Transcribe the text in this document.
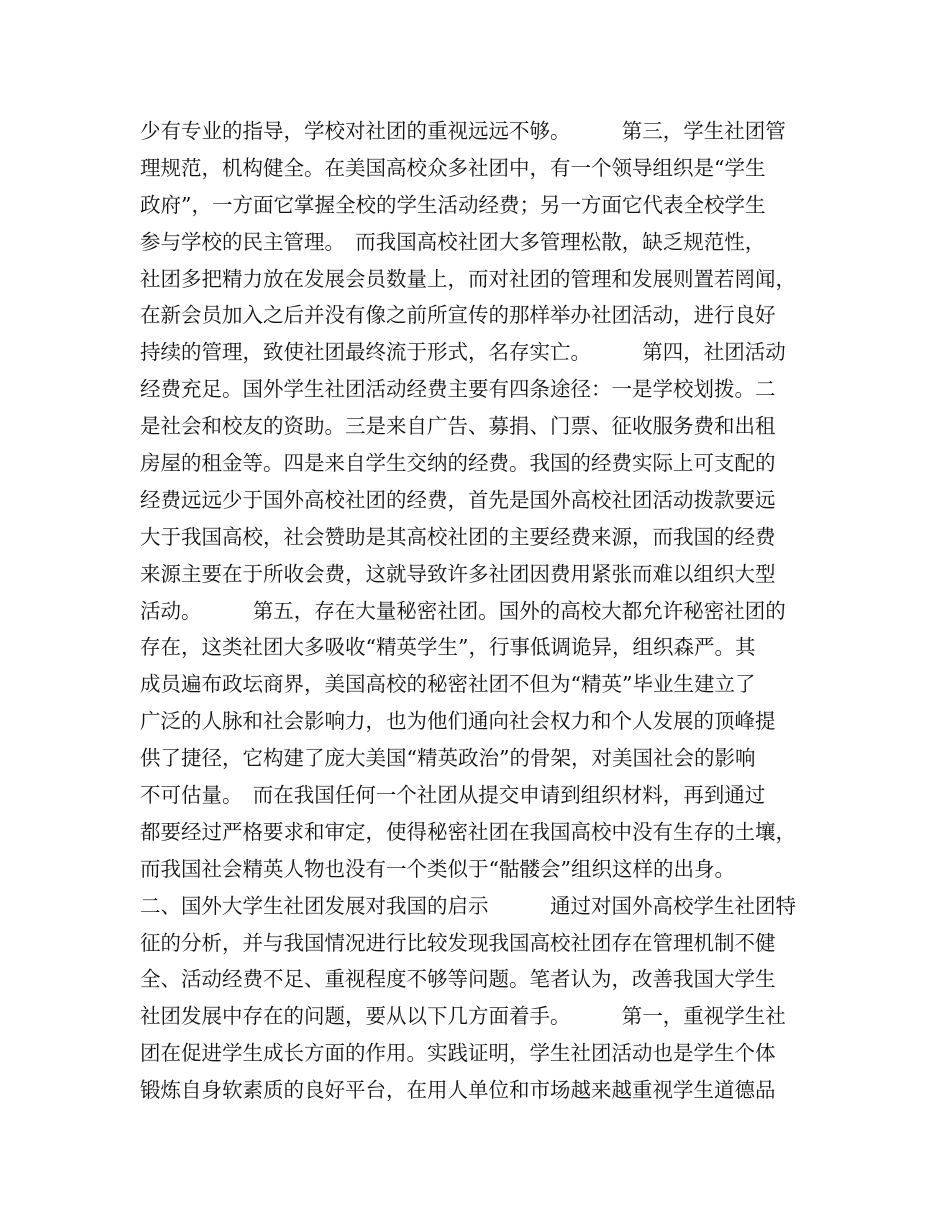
少有专业的指导，学校对社团的重视远远不够。　　　第三，学生社团管
理规范，机构健全。在美国高校众多社团中，有一个领导组织是“学生
政府”，一方面它掌握全校的学生活动经费；另一方面它代表全校学生
参与学校的民主管理。　而我国高校社团大多管理松散，缺乏规范性，
社团多把精力放在发展会员数量上，而对社团的管理和发展则置若罔闻，
在新会员加入之后并没有像之前所宣传的那样举办社团活动，进行良好
持续的管理，致使社团最终流于形式，名存实亡。　　　第四，社团活动
经费充足。国外学生社团活动经费主要有四条途径：一是学校划拨。二
是社会和校友的资助。三是来自广告、募捐、门票、征收服务费和出租
房屋的租金等。四是来自学生交纳的经费。我国的经费实际上可支配的
经费远远少于国外高校社团的经费，首先是国外高校社团活动拨款要远
大于我国高校，社会赞助是其高校社团的主要经费来源，而我国的经费
来源主要在于所收会费，这就导致许多社团因费用紧张而难以组织大型
活动。　　　第五，存在大量秘密社团。国外的高校大都允许秘密社团的
存在，这类社团大多吸收“精英学生”，行事低调诡异，组织森严。其
成员遍布政坛商界，美国高校的秘密社团不但为“精英”毕业生建立了
广泛的人脉和社会影响力，也为他们通向社会权力和个人发展的顶峰提
供了捷径，它构建了庞大美国“精英政治”的骨架，对美国社会的影响
不可估量。　而在我国任何一个社团从提交申请到组织材料，再到通过
都要经过严格要求和审定，使得秘密社团在我国高校中没有生存的土壤，
而我国社会精英人物也没有一个类似于“骷髅会”组织这样的出身。
二、国外大学生社团发展对我国的启示　　　通过对国外高校学生社团特
征的分析，并与我国情况进行比较发现我国高校社团存在管理机制不健
全、活动经费不足、重视程度不够等问题。笔者认为，改善我国大学生
社团发展中存在的问题，要从以下几方面着手。　　　第一，重视学生社
团在促进学生成长方面的作用。实践证明，学生社团活动也是学生个体
锻炼自身软素质的良好平台，在用人单位和市场越来越重视学生道德品
